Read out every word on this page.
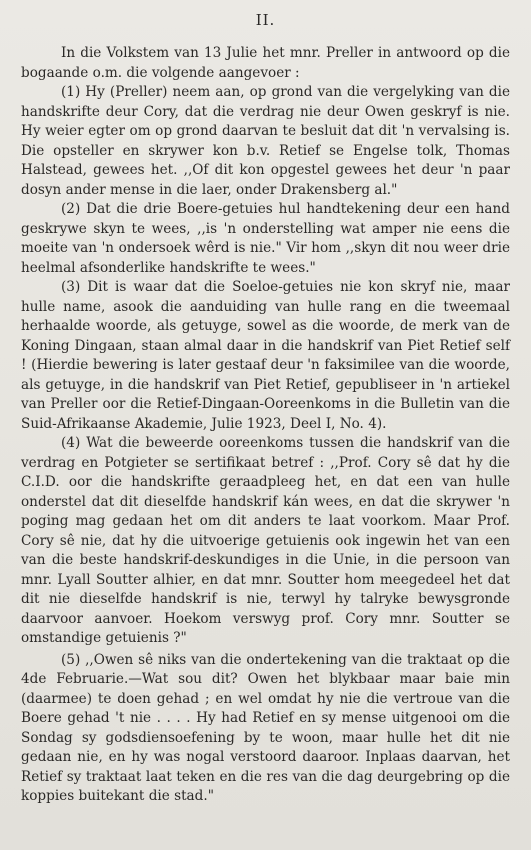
II.

In die Volkstem van 13 Julie het mnr. Preller in antwoord op die bogaande o.m. die volgende aangevoer :

(1) Hy (Preller) neem aan, op grond van die vergelyking van die handskrifte deur Cory, dat die verdrag nie deur Owen geskryf is nie. Hy weier egter om op grond daarvan te besluit dat dit 'n vervalsing is. Die opsteller en skrywer kon b.v. Retief se Engelse tolk, Thomas Halstead, gewees het. ,,Of dit kon opgestel gewees het deur 'n paar dosyn ander mense in die laer, onder Drakensberg al."

(2) Dat die drie Boere-getuies hul handtekening deur een hand geskrywe skyn te wees, ,,is 'n onderstelling wat amper nie eens die moeite van 'n ondersoek wêrd is nie." Vir hom ,,skyn dit nou weer drie heelmal afsonderlike handskrifte te wees."

(3) Dit is waar dat die Soeloe-getuies nie kon skryf nie, maar hulle name, asook die aanduiding van hulle rang en die tweemaal herhaalde woorde, als getuyge, sowel as die woorde, de merk van de Koning Dingaan, staan almal daar in die handskrif van Piet Retief self ! (Hierdie bewering is later gestaaf deur 'n faksimilee van die woorde, als getuyge, in die handskrif van Piet Retief, gepubliseer in 'n artiekel van Preller oor die Retief-Dingaan-Ooreenkoms in die Bulletin van die Suid-Afrikaanse Akademie, Julie 1923, Deel I, No. 4).

(4) Wat die beweerde ooreenkoms tussen die handskrif van die verdrag en Potgieter se sertifikaat betref : ,,Prof. Cory sê dat hy die C.I.D. oor die handskrifte geraadpleeg het, en dat een van hulle onderstel dat dit dieselfde handskrif kán wees, en dat die skrywer 'n poging mag gedaan het om dit anders te laat voorkom. Maar Prof. Cory sê nie, dat hy die uitvoerige getuienis ook ingewin het van een van die beste handskrif-deskundiges in die Unie, in die persoon van mnr. Lyall Soutter alhier, en dat mnr. Soutter hom meegedeel het dat dit nie dieselfde handskrif is nie, terwyl hy talryke bewysgronde daarvoor aanvoer. Hoekom verswyg prof. Cory mnr. Soutter se omstandige getuienis ?"

(5) ,,Owen sê niks van die ondertekening van die traktaat op die 4de Februarie.—Wat sou dit? Owen het blykbaar maar baie min (daarmee) te doen gehad ; en wel omdat hy nie die vertroue van die Boere gehad 't nie . . . . Hy had Retief en sy mense uitgenooi om die Sondag sy godsdiensoefening by te woon, maar hulle het dit nie gedaan nie, en hy was nogal verstoord daaroor. Inplaas daarvan, het Retief sy traktaat laat teken en die res van die dag deurgebring op die koppies buitekant die stad."
